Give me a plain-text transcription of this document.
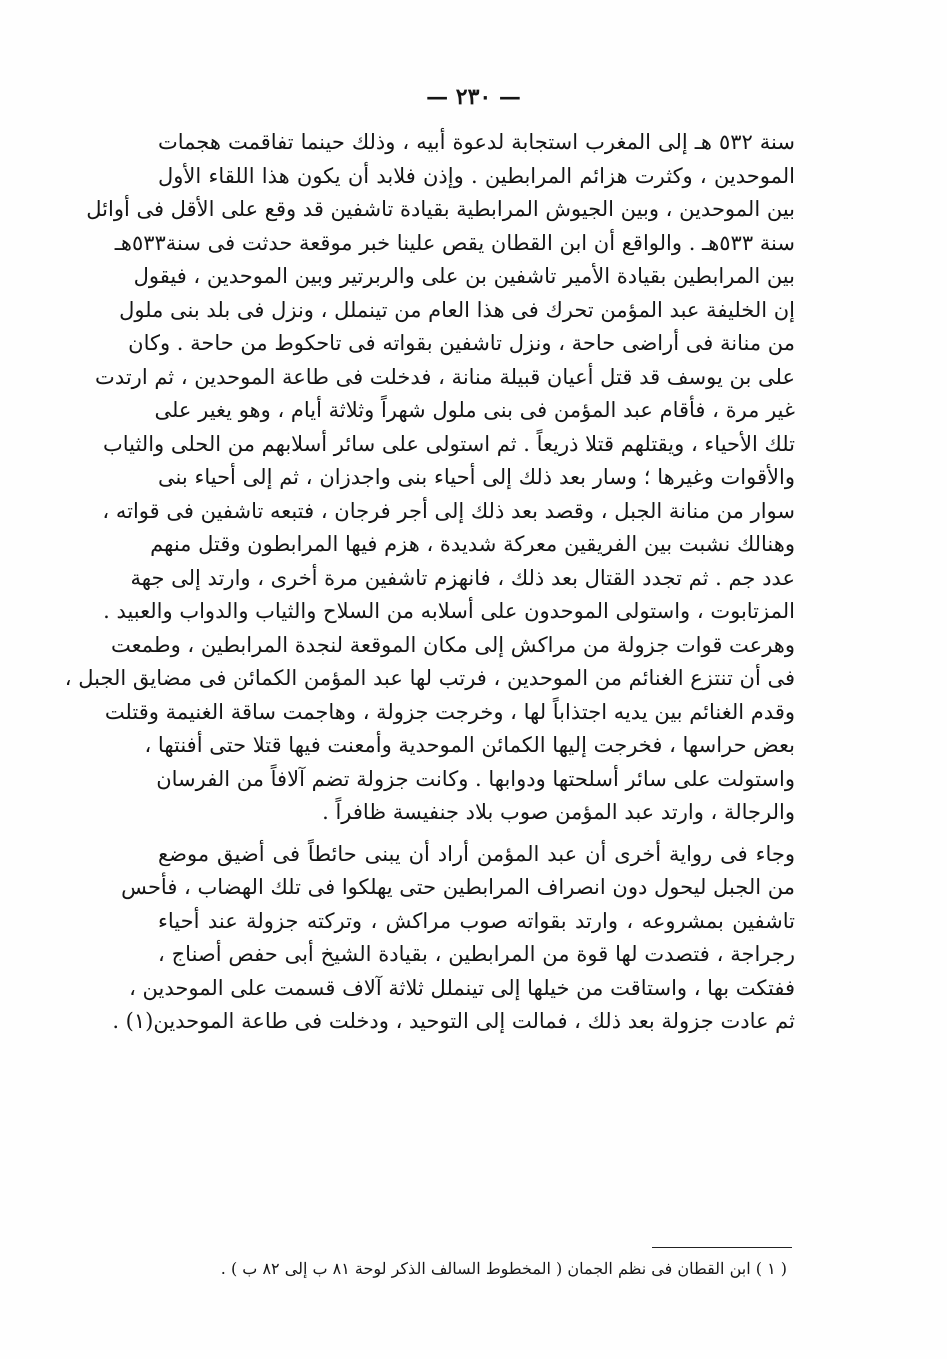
— ٢٣٠ —
سنة ٥٣٢ هـ إلى المغرب استجابة لدعوة أبيه ، وذلك حينما تفاقمت هجمات
الموحدين ، وكثرت هزائم المرابطين . وإذن فلابد أن يكون هذا اللقاء الأول
بين الموحدين ، وبين الجيوش المرابطية بقيادة تاشفين قد وقع على الأقل فى أوائل
سنة ٥٣٣هـ . والواقع أن ابن القطان يقص علينا خبر موقعة حدثت فى سنة٥٣٣هـ
بين المرابطين بقيادة الأمير تاشفين بن على والربرتير وبين الموحدين ، فيقول
إن الخليفة عبد المؤمن تحرك فى هذا العام من تينملل ، ونزل فى بلد بنى ملول
من منانة فى أراضى حاحة ، ونزل تاشفين بقواته فى تاحكوط من حاحة . وكان
على بن يوسف قد قتل أعيان قبيلة منانة ، فدخلت فى طاعة الموحدين ، ثم ارتدت
غير مرة ، فأقام عبد المؤمن فى بنى ملول شهراً وثلاثة أيام ، وهو يغير على
تلك الأحياء ، ويقتلهم قتلا ذريعاً . ثم استولى على سائر أسلابهم من الحلى والثياب
والأقوات وغيرها ؛ وسار بعد ذلك إلى أحياء بنى واجدزان ، ثم إلى أحياء بنى
سوار من منانة الجبل ، وقصد بعد ذلك إلى أجر فرجان ، فتبعه تاشفين فى قواته ،
وهنالك نشبت بين الفريقين معركة شديدة ، هزم فيها المرابطون وقتل منهم
عدد جم . ثم تجدد القتال بعد ذلك ، فانهزم تاشفين مرة أخرى ، وارتد إلى جهة
المزتابوت ، واستولى الموحدون على أسلابه من السلاح والثياب والدواب والعبيد .
وهرعت قوات جزولة من مراكش إلى مكان الموقعة لنجدة المرابطين ، وطمعت
فى أن تنتزع الغنائم من الموحدين ، فرتب لها عبد المؤمن الكمائن فى مضايق الجبل ،
وقدم الغنائم بين يديه اجتذاباً لها ، وخرجت جزولة ، وهاجمت ساقة الغنيمة وقتلت
بعض حراسها ، فخرجت إليها الكمائن الموحدية وأمعنت فيها قتلا حتى أفنتها ،
واستولت على سائر أسلحتها ودوابها . وكانت جزولة تضم آلافاً من الفرسان
والرجالة ، وارتد عبد المؤمن صوب بلاد جنفيسة ظافراً .
وجاء فى رواية أخرى أن عبد المؤمن أراد أن يبنى حائطاً فى أضيق موضع
من الجبل ليحول دون انصراف المرابطين حتى يهلكوا فى تلك الهضاب ، فأحس
تاشفين بمشروعه ، وارتد بقواته صوب مراكش ، وتركته جزولة عند أحياء
رجراجة ، فتصدت لها قوة من المرابطين ، بقيادة الشيخ أبى حفص أصناج ،
ففتكت بها ، واستاقت من خيلها إلى تينملل ثلاثة آلاف قسمت على الموحدين ،
ثم عادت جزولة بعد ذلك ، فمالت إلى التوحيد ، ودخلت فى طاعة الموحدين(١) .
( ١ ) ابن القطان فى نظم الجمان ( المخطوط السالف الذكر لوحة ٨١ ب إلى ٨٢ ب ) .
